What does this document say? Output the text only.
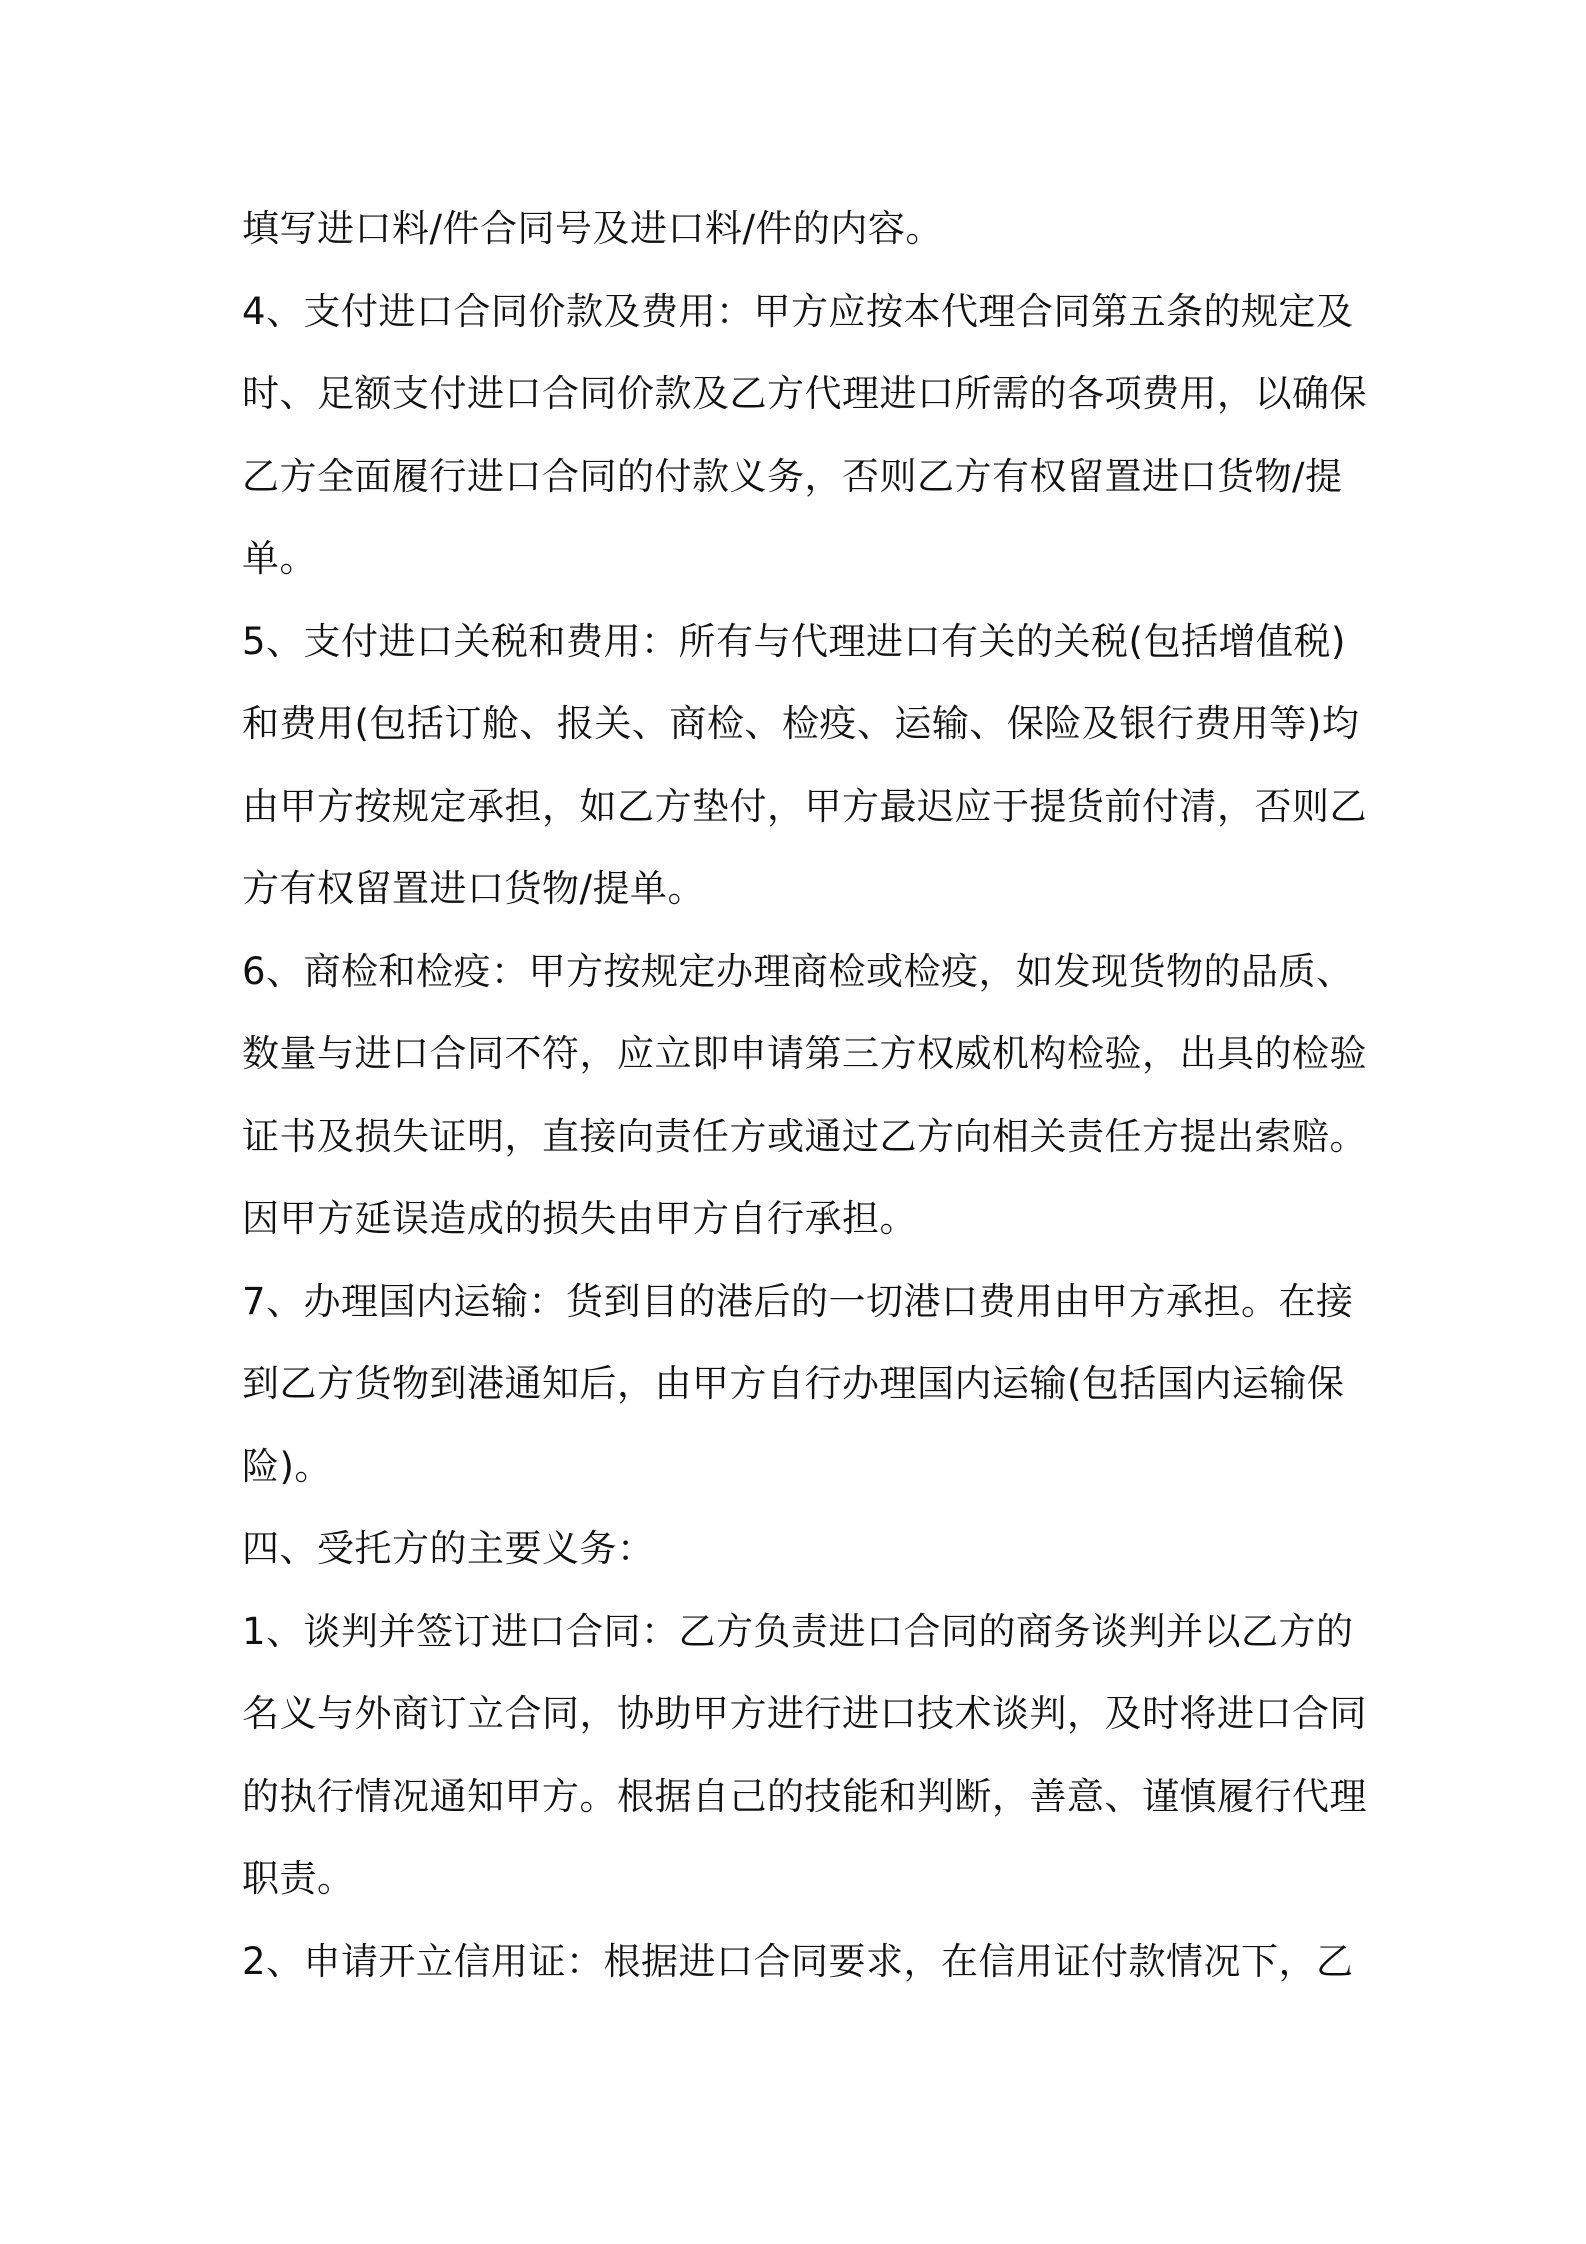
填写进口料/件合同号及进口料/件的内容。
4、支付进口合同价款及费用：甲方应按本代理合同第五条的规定及
时、足额支付进口合同价款及乙方代理进口所需的各项费用，以确保
乙方全面履行进口合同的付款义务，否则乙方有权留置进口货物/提
单。
5、支付进口关税和费用：所有与代理进口有关的关税(包括增值税)
和费用(包括订舱、报关、商检、检疫、运输、保险及银行费用等)均
由甲方按规定承担，如乙方垫付，甲方最迟应于提货前付清，否则乙
方有权留置进口货物/提单。
6、商检和检疫：甲方按规定办理商检或检疫，如发现货物的品质、
数量与进口合同不符，应立即申请第三方权威机构检验，出具的检验
证书及损失证明，直接向责任方或通过乙方向相关责任方提出索赔。
因甲方延误造成的损失由甲方自行承担。
7、办理国内运输：货到目的港后的一切港口费用由甲方承担。在接
到乙方货物到港通知后，由甲方自行办理国内运输(包括国内运输保
险)。
四、受托方的主要义务：
1、谈判并签订进口合同：乙方负责进口合同的商务谈判并以乙方的
名义与外商订立合同，协助甲方进行进口技术谈判，及时将进口合同
的执行情况通知甲方。根据自己的技能和判断，善意、谨慎履行代理
职责。
2、申请开立信用证：根据进口合同要求，在信用证付款情况下，乙
